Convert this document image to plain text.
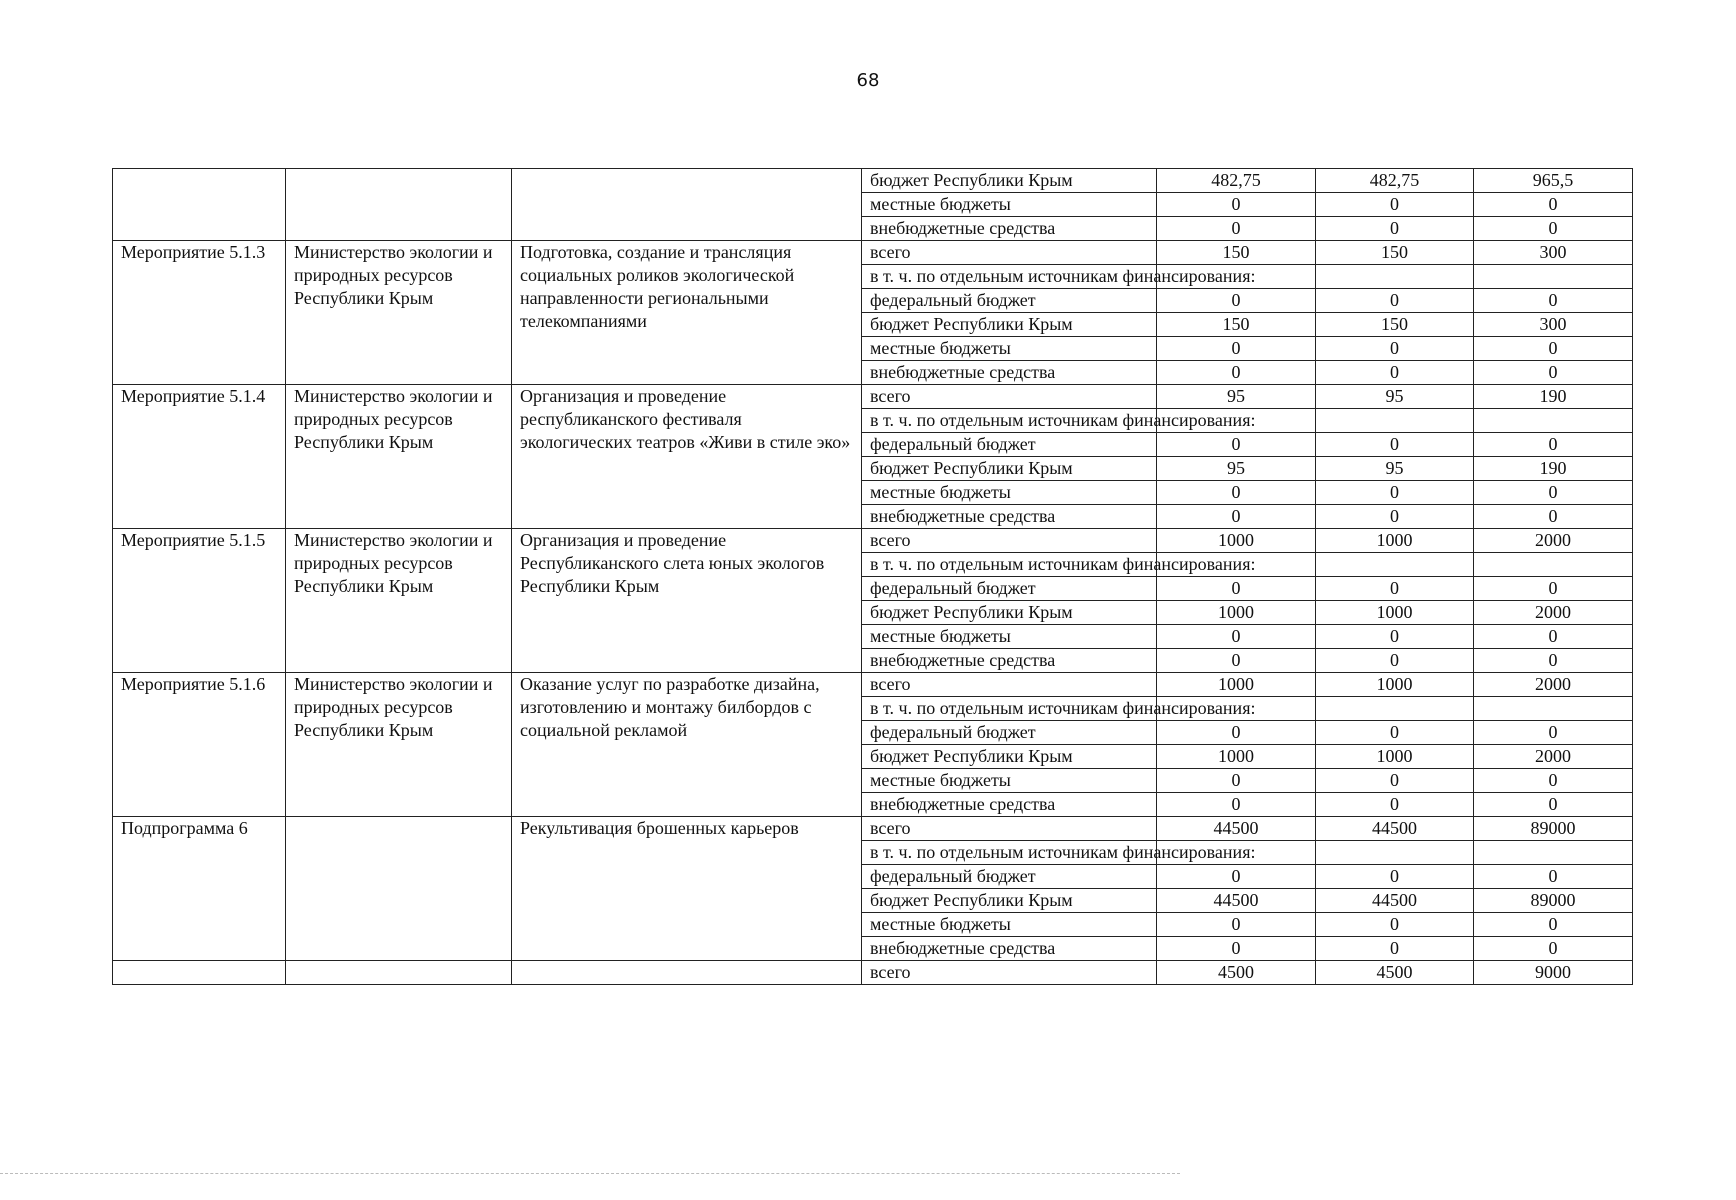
68
			бюджет Республики Крым	482,75	482,75	965,5
			местные бюджеты	0	0	0
			внебюджетные средства	0	0	0
Мероприятие 5.1.3	Министерство экологии и природных ресурсов Республики Крым	Подготовка, создание и трансляция социальных роликов экологической направленности региональными телекомпаниями	всего	150	150	300
			в т. ч. по отдельным источникам финансирования:			
			федеральный бюджет	0	0	0
			бюджет Республики Крым	150	150	300
			местные бюджеты	0	0	0
			внебюджетные средства	0	0	0
Мероприятие 5.1.4	Министерство экологии и природных ресурсов Республики Крым	Организация и проведение республиканского фестиваля экологических театров «Живи в стиле эко»	всего	95	95	190
			в т. ч. по отдельным источникам финансирования:			
			федеральный бюджет	0	0	0
			бюджет Республики Крым	95	95	190
			местные бюджеты	0	0	0
			внебюджетные средства	0	0	0
Мероприятие 5.1.5	Министерство экологии и природных ресурсов Республики Крым	Организация и проведение Республиканского слета юных экологов Республики Крым	всего	1000	1000	2000
			в т. ч. по отдельным источникам финансирования:			
			федеральный бюджет	0	0	0
			бюджет Республики Крым	1000	1000	2000
			местные бюджеты	0	0	0
			внебюджетные средства	0	0	0
Мероприятие 5.1.6	Министерство экологии и природных ресурсов Республики Крым	Оказание услуг по разработке дизайна, изготовлению и монтажу билбордов с социальной рекламой	всего	1000	1000	2000
			в т. ч. по отдельным источникам финансирования:			
			федеральный бюджет	0	0	0
			бюджет Республики Крым	1000	1000	2000
			местные бюджеты	0	0	0
			внебюджетные средства	0	0	0
Подпрограмма 6		Рекультивация брошенных карьеров	всего	44500	44500	89000
			в т. ч. по отдельным источникам финансирования:			
			федеральный бюджет	0	0	0
			бюджет Республики Крым	44500	44500	89000
			местные бюджеты	0	0	0
			внебюджетные средства	0	0	0
			всего	4500	4500	9000
